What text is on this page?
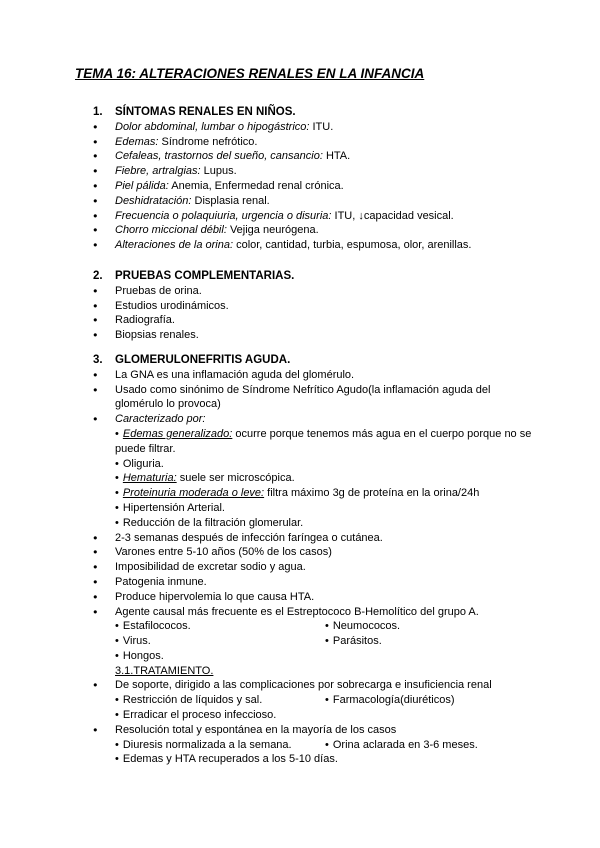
TEMA 16: ALTERACIONES RENALES EN LA INFANCIA
1.	SÍNTOMAS RENALES EN NIÑOS.
●	Dolor abdominal, lumbar o hipogástrico: ITU.
●	Edemas: Síndrome nefrótico.
●	Cefaleas, trastornos del sueño, cansancio: HTA.
●	Fiebre, artralgias: Lupus.
●	Piel pálida: Anemia, Enfermedad renal crónica.
●	Deshidratación: Displasia renal.
●	Frecuencia o polaquiuria, urgencia o disuria: ITU, ↓capacidad vesical.
●	Chorro miccional débil: Vejiga neurógena.
●	Alteraciones de la orina: color, cantidad, turbia, espumosa, olor, arenillas.
2.	PRUEBAS COMPLEMENTARIAS.
●	Pruebas de orina.
●	Estudios urodinámicos.
●	Radiografía.
●	Biopsias renales.
3.	GLOMERULONEFRITIS AGUDA.
●	La GNA es una inflamación aguda del glomérulo.
●	Usado como sinónimo de Síndrome Nefrítico Agudo(la inflamación aguda del glomérulo lo provoca)
●	Caracterizado por:
• Edemas generalizado: ocurre porque tenemos más agua en el cuerpo porque no se puede filtrar.
• Oliguria.
• Hematuria: suele ser microscópica.
• Proteinuria moderada o leve: filtra máximo 3g de proteína en la orina/24h
• Hipertensión Arterial.
• Reducción de la filtración glomerular.
●	2-3 semanas después de infección faríngea o cutánea.
●	Varones entre 5-10 años (50% de los casos)
●	Imposibilidad de excretar sodio y agua.
●	Patogenia inmune.
●	Produce hipervolemia lo que causa HTA.
●	Agente causal más frecuente es el Estreptococo B-Hemolítico del grupo A.
• Estafilococos.	• Neumococos.
• Virus.	• Parásitos.
• Hongos.
3.1.TRATAMIENTO.
●	De soporte, dirigido a las complicaciones por sobrecarga e insuficiencia renal
• Restricción de líquidos y sal.	• Farmacología(diuréticos)
• Erradicar el proceso infeccioso.
●	Resolución total y espontánea en la mayoría de los casos
• Diuresis normalizada a la semana.	• Orina aclarada en 3-6 meses.
• Edemas y HTA recuperados a los 5-10 días.
